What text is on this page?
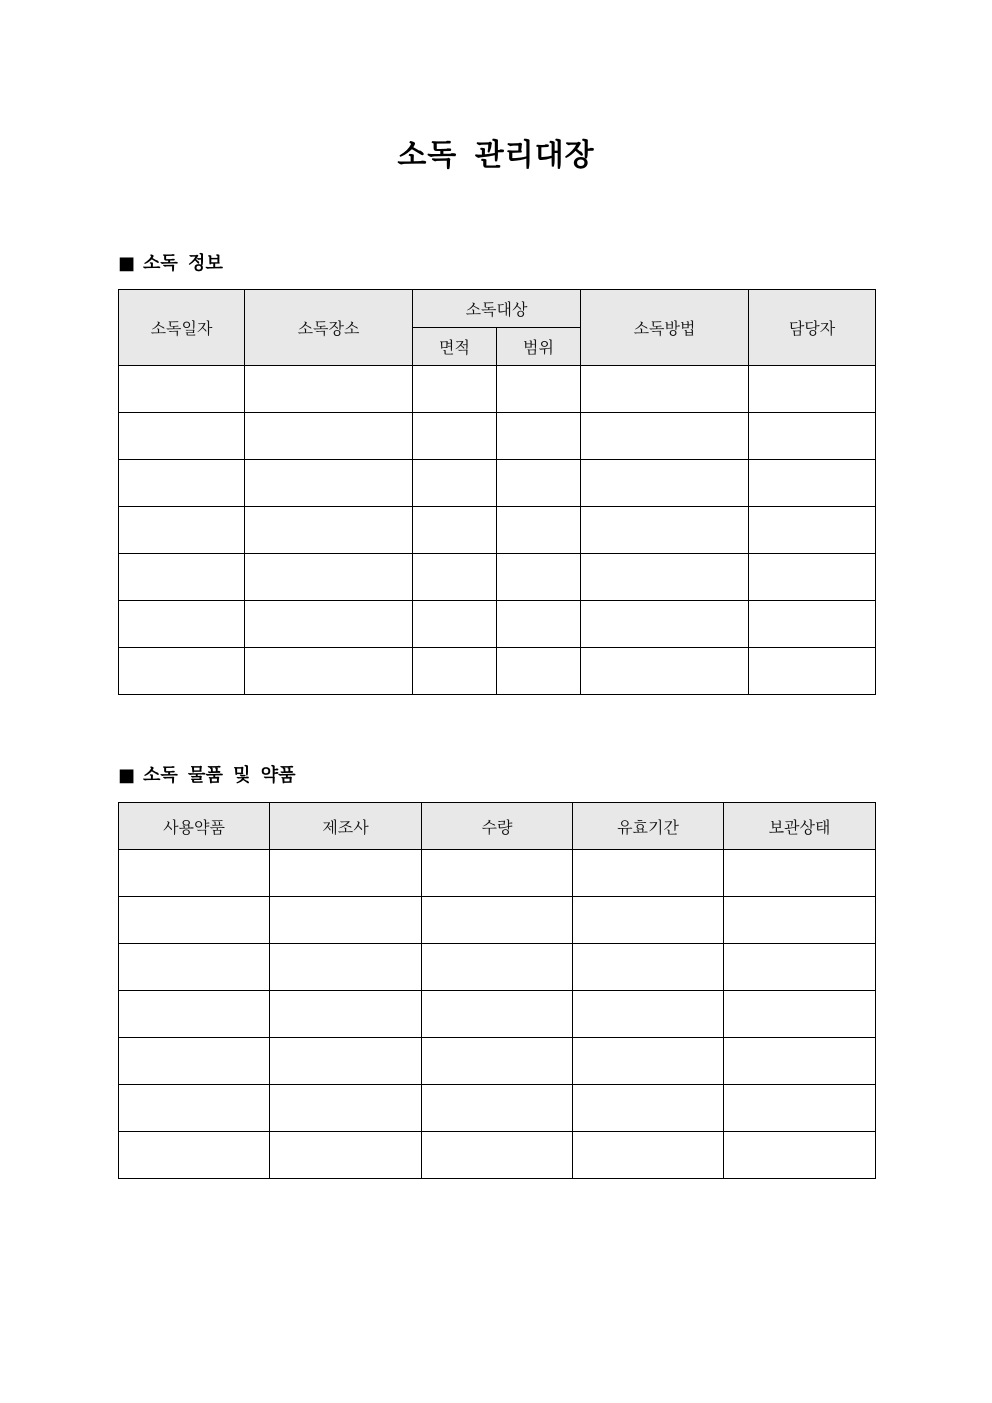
소독 관리대장
■ 소독 정보
소독일자	소독장소	소독대상		소독방법	담당자
		면적	범위		

■ 소독 물품 및 약품
사용약품	제조사	수량	유효기간	보관상태
